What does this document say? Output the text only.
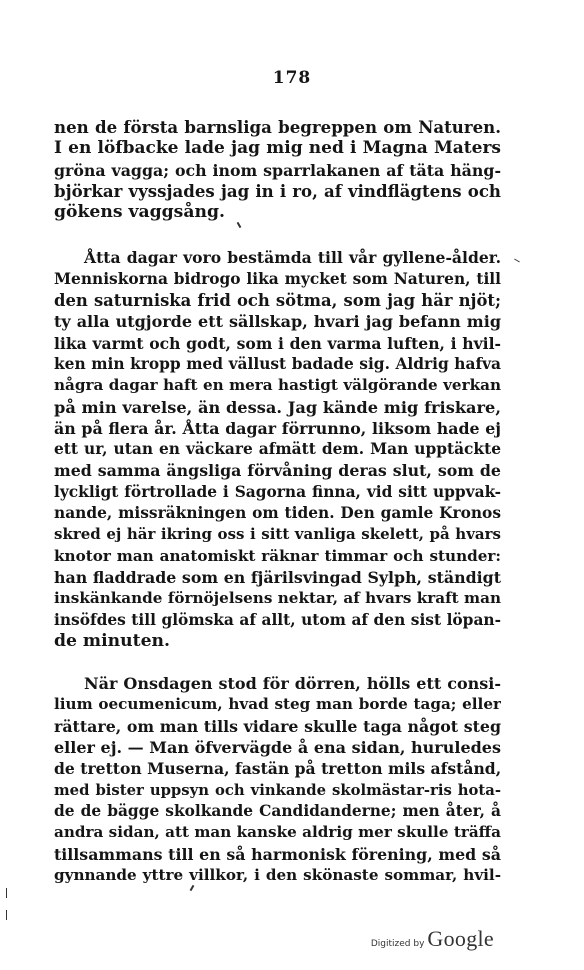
178
nen de första barnsliga begreppen om Naturen.
I en löfbacke lade jag mig ned i Magna Maters
gröna vagga; och inom sparrlakanen af täta häng-
björkar vyssjades jag in i ro, af vindflägtens och
gökens vaggsång.
Åtta dagar voro bestämda till vår gyllene-ålder.
Menniskorna bidrogo lika mycket som Naturen, till
den saturniska frid och sötma, som jag här njöt;
ty alla utgjorde ett sällskap, hvari jag befann mig
lika varmt och godt, som i den varma luften, i hvil-
ken min kropp med vällust badade sig. Aldrig hafva
några dagar haft en mera hastigt välgörande verkan
på min varelse, än dessa. Jag kände mig friskare,
än på flera år. Åtta dagar förrunno, liksom hade ej
ett ur, utan en väckare afmätt dem. Man upptäckte
med samma ängsliga förvåning deras slut, som de
lyckligt förtrollade i Sagorna finna, vid sitt uppvak-
nande, missräkningen om tiden. Den gamle Kronos
skred ej här ikring oss i sitt vanliga skelett, på hvars
knotor man anatomiskt räknar timmar och stunder:
han fladdrade som en fjärilsvingad Sylph, ständigt
inskänkande förnöjelsens nektar, af hvars kraft man
insöfdes till glömska af allt, utom af den sist löpan-
de minuten.
När Onsdagen stod för dörren, hölls ett consi-
lium oecumenicum, hvad steg man borde taga; eller
rättare, om man tills vidare skulle taga något steg
eller ej. — Man öfvervägde å ena sidan, huruledes
de tretton Muserna, fastän på tretton mils afstånd,
med bister uppsyn och vinkande skolmästar-ris hota-
de de bägge skolkande Candidanderne; men åter, å
andra sidan, att man kanske aldrig mer skulle träffa
tillsammans till en så harmonisk förening, med så
gynnande yttre villkor, i den skönaste sommar, hvil-
Digitized by Google
